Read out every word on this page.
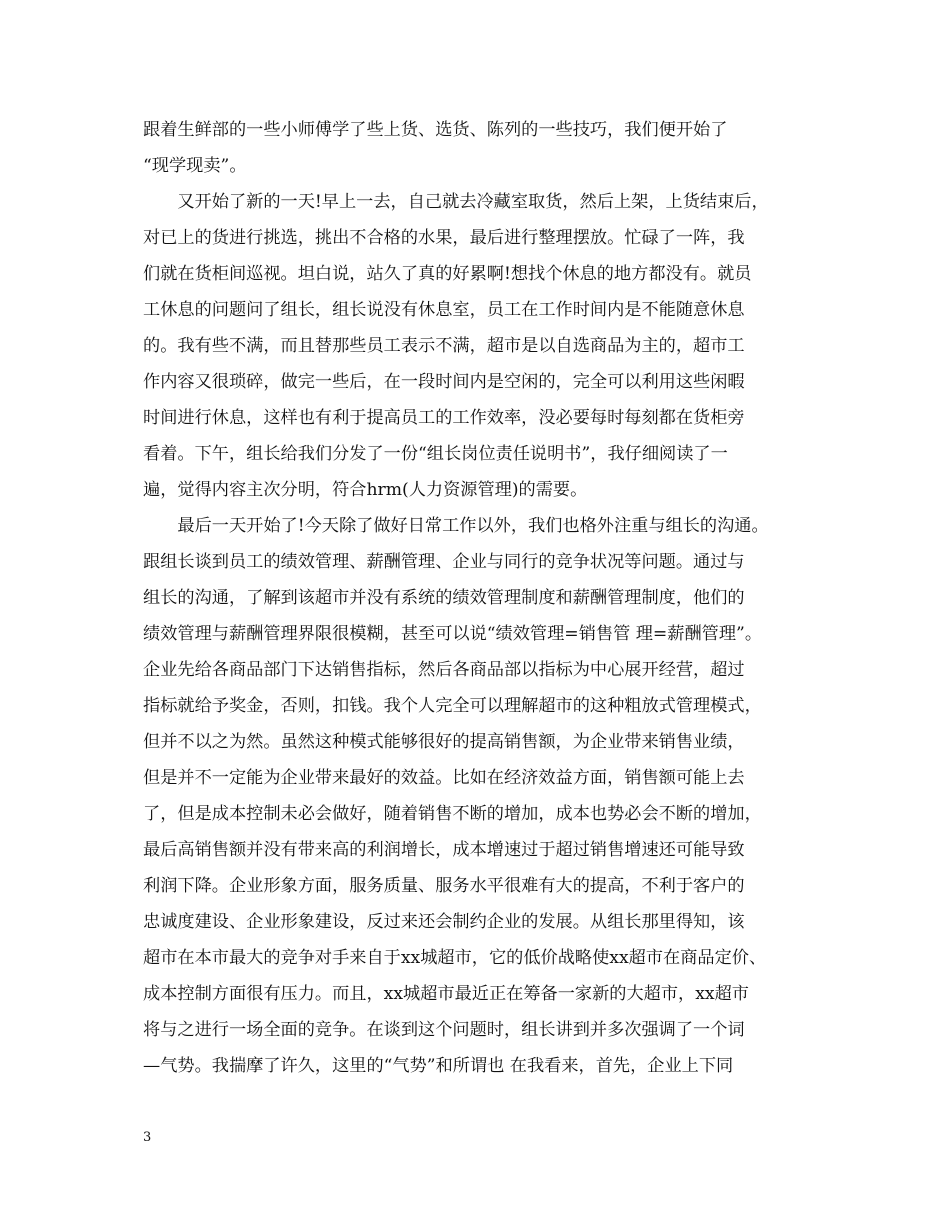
跟着生鲜部的一些小师傅学了些上货、选货、陈列的一些技巧，我们便开始了
“现学现卖”。
　　又开始了新的一天!早上一去，自己就去冷藏室取货，然后上架，上货结束后，
对已上的货进行挑选，挑出不合格的水果，最后进行整理摆放。忙碌了一阵，我
们就在货柜间巡视。坦白说，站久了真的好累啊!想找个休息的地方都没有。就员
工休息的问题问了组长，组长说没有休息室，员工在工作时间内是不能随意休息
的。我有些不满，而且替那些员工表示不满，超市是以自选商品为主的，超市工
作内容又很琐碎，做完一些后，在一段时间内是空闲的，完全可以利用这些闲暇
时间进行休息，这样也有利于提高员工的工作效率，没必要每时每刻都在货柜旁
看着。下午，组长给我们分发了一份“组长岗位责任说明书”，我仔细阅读了一
遍，觉得内容主次分明，符合hrm(人力资源管理)的需要。
　　最后一天开始了!今天除了做好日常工作以外，我们也格外注重与组长的沟通。
跟组长谈到员工的绩效管理、薪酬管理、企业与同行的竞争状况等问题。通过与
组长的沟通，了解到该超市并没有系统的绩效管理制度和薪酬管理制度，他们的
绩效管理与薪酬管理界限很模糊，甚至可以说“绩效管理=销售管 理=薪酬管理”。
企业先给各商品部门下达销售指标，然后各商品部以指标为中心展开经营，超过
指标就给予奖金，否则，扣钱。我个人完全可以理解超市的这种粗放式管理模式，
但并不以之为然。虽然这种模式能够很好的提高销售额，为企业带来销售业绩，
但是并不一定能为企业带来最好的效益。比如在经济效益方面，销售额可能上去
了，但是成本控制未必会做好，随着销售不断的增加，成本也势必会不断的增加，
最后高销售额并没有带来高的利润增长，成本增速过于超过销售增速还可能导致
利润下降。企业形象方面，服务质量、服务水平很难有大的提高，不利于客户的
忠诚度建设、企业形象建设，反过来还会制约企业的发展。从组长那里得知，该
超市在本市最大的竞争对手来自于xx城超市，它的低价战略使xx超市在商品定价、
成本控制方面很有压力。而且，xx城超市最近正在筹备一家新的大超市，xx超市
将与之进行一场全面的竞争。在谈到这个问题时，组长讲到并多次强调了一个词
—气势。我揣摩了许久，这里的“气势”和所谓也 在我看来，首先，企业上下同
3
